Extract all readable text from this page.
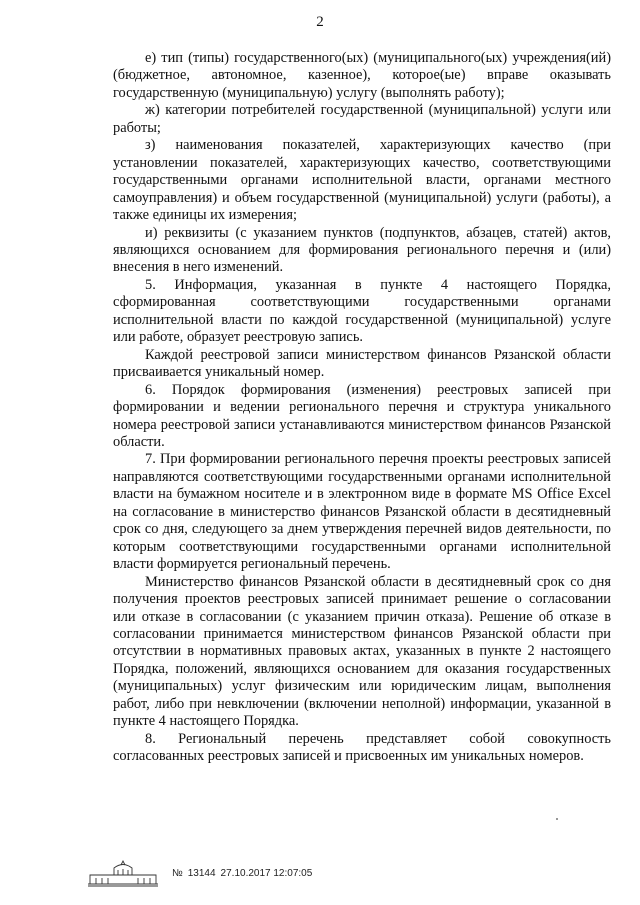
2

е) тип (типы) государственного(ых) (муниципального(ых) учреждения(ий) (бюджетное, автономное, казенное), которое(ые) вправе оказывать государственную (муниципальную) услугу (выполнять работу);

ж) категории потребителей государственной (муниципальной) услуги или работы;

з) наименования показателей, характеризующих качество (при установлении показателей, характеризующих качество, соответствующими государственными органами исполнительной власти, органами местного самоуправления) и объем государственной (муниципальной) услуги (работы), а также единицы их измерения;

и) реквизиты (с указанием пунктов (подпунктов, абзацев, статей) актов, являющихся основанием для формирования регионального перечня и (или) внесения в него изменений.

5. Информация, указанная в пункте 4 настоящего Порядка, сформированная соответствующими государственными органами исполнительной власти по каждой государственной (муниципальной) услуге или работе, образует реестровую запись.

Каждой реестровой записи министерством финансов Рязанской области присваивается уникальный номер.

6. Порядок формирования (изменения) реестровых записей при формировании и ведении регионального перечня и структура уникального номера реестровой записи устанавливаются министерством финансов Рязанской области.

7. При формировании регионального перечня проекты реестровых записей направляются соответствующими государственными органами исполнительной власти на бумажном носителе и в электронном виде в формате MS Office Excel на согласование в министерство финансов Рязанской области в десятидневный срок со дня, следующего за днем утверждения перечней видов деятельности, по которым соответствующими государственными органами исполнительной власти формируется региональный перечень.

Министерство финансов Рязанской области в десятидневный срок со дня получения проектов реестровых записей принимает решение о согласовании или отказе в согласовании (с указанием причин отказа). Решение об отказе в согласовании принимается министерством финансов Рязанской области при отсутствии в нормативных правовых актах, указанных в пункте 2 настоящего Порядка, положений, являющихся основанием для оказания государственных (муниципальных) услуг физическим или юридическим лицам, выполнения работ, либо при невключении (включении неполной) информации, указанной в пункте 4 настоящего Порядка.

8. Региональный перечень представляет собой совокупность согласованных реестровых записей и присвоенных им уникальных номеров.

№ 13144 27.10.2017 12:07:05
